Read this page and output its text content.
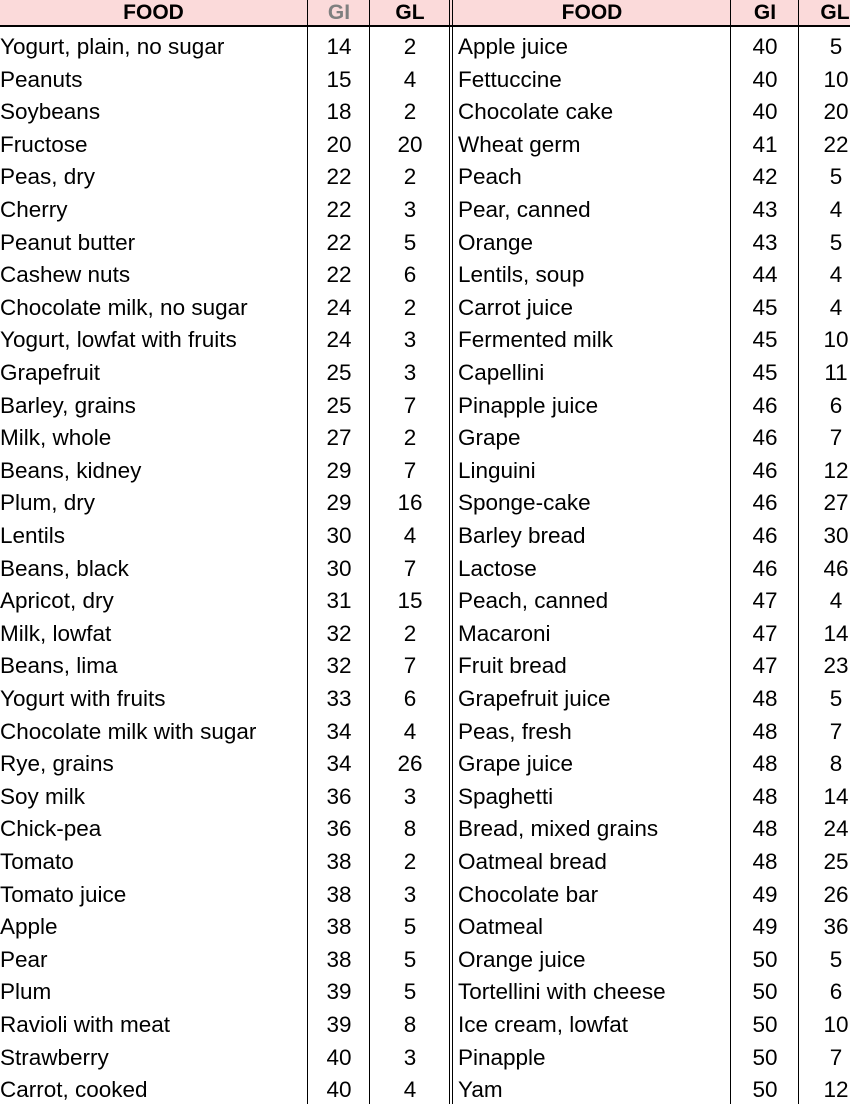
FOOD	GI	GL	FOOD	GI	GL
Yogurt, plain, no sugar	14	2	Apple juice	40	5
Peanuts	15	4	Fettuccine	40	10
Soybeans	18	2	Chocolate cake	40	20
Fructose	20	20	Wheat germ	41	22
Peas, dry	22	2	Peach	42	5
Cherry	22	3	Pear, canned	43	4
Peanut butter	22	5	Orange	43	5
Cashew nuts	22	6	Lentils, soup	44	4
Chocolate milk, no sugar	24	2	Carrot juice	45	4
Yogurt, lowfat with fruits	24	3	Fermented milk	45	10
Grapefruit	25	3	Capellini	45	11
Barley, grains	25	7	Pinapple juice	46	6
Milk, whole	27	2	Grape	46	7
Beans, kidney	29	7	Linguini	46	12
Plum, dry	29	16	Sponge-cake	46	27
Lentils	30	4	Barley bread	46	30
Beans, black	30	7	Lactose	46	46
Apricot, dry	31	15	Peach, canned	47	4
Milk, lowfat	32	2	Macaroni	47	14
Beans, lima	32	7	Fruit bread	47	23
Yogurt with fruits	33	6	Grapefruit juice	48	5
Chocolate milk with sugar	34	4	Peas, fresh	48	7
Rye, grains	34	26	Grape juice	48	8
Soy milk	36	3	Spaghetti	48	14
Chick-pea	36	8	Bread, mixed grains	48	24
Tomato	38	2	Oatmeal bread	48	25
Tomato juice	38	3	Chocolate bar	49	26
Apple	38	5	Oatmeal	49	36
Pear	38	5	Orange juice	50	5
Plum	39	5	Tortellini with cheese	50	6
Ravioli with meat	39	8	Ice cream, lowfat	50	10
Strawberry	40	3	Pinapple	50	7
Carrot, cooked	40	4	Yam	50	12
